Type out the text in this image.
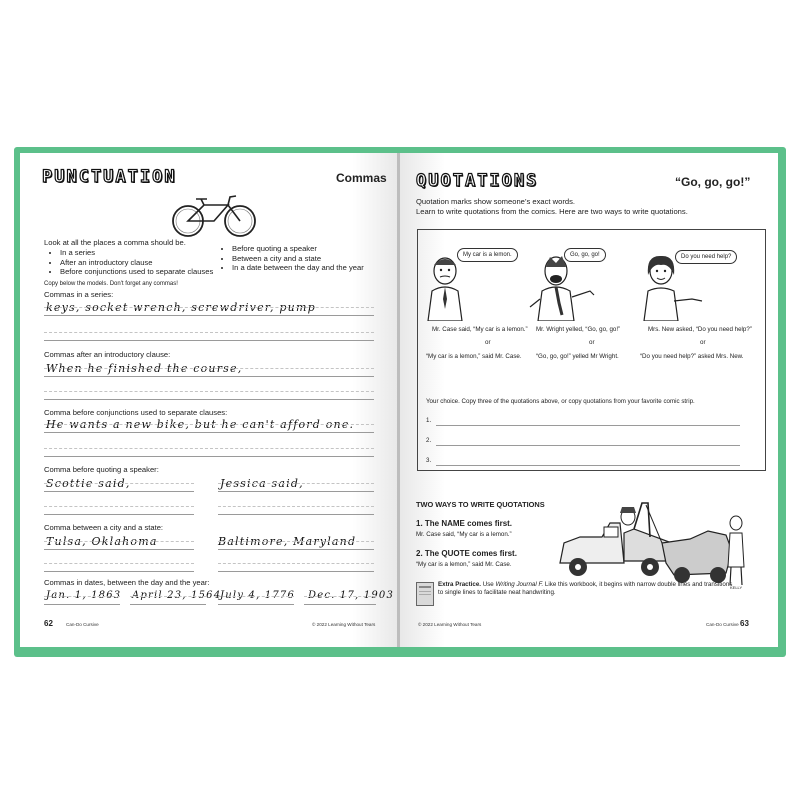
PUNCTUATION	Commas
Look at all the places a comma should be.
• In a series
• After an introductory clause
• Before conjunctions used to separate clauses
• Before quoting a speaker
• Between a city and a state
• In a date between the day and the year
Copy below the models. Don't forget any commas!
Commas in a series:
keys, socket wrench, screwdriver, pump
Commas after an introductory clause:
When he finished the course,
Comma before conjunctions used to separate clauses:
He wants a new bike, but he can't afford one.
Comma before quoting a speaker:
Scottie said,	Jessica said,
Comma between a city and a state:
Tulsa, Oklahoma	Baltimore, Maryland
Commas in dates, between the day and the year:
Jan. 1, 1863 April 23, 1564
July 4, 1776 Dec. 17, 1903
62	Can-Do Cursive	© 2022 Learning Without Tears
QUOTATIONS	“Go, go, go!”
Quotation marks show someone’s exact words.
Learn to write quotations from the comics. Here are two ways to write quotations.
My car is a lemon.	Go, go, go!	Do you need help?
Mr. Case said, “My car is a lemon.”
or
“My car is a lemon,” said Mr. Case.
Mr. Wright yelled, “Go, go, go!”
or
“Go, go, go!” yelled Mr Wright.
Mrs. New asked, “Do you need help?”
or
“Do you need help?” asked Mrs. New.
Your choice. Copy three of the quotations above, or copy quotations from your favorite comic strip.
1.
2.
3.
TWO WAYS TO WRITE QUOTATIONS
1. The NAME comes first.
Mr. Case said, “My car is a lemon.”
2. The QUOTE comes first.
“My car is a lemon,” said Mr. Case.
KELLY
Extra Practice. Use Writing Journal F. Like this workbook, it begins with narrow double lines and transitions to single lines to facilitate neat handwriting.
© 2022 Learning Without Tears	Can-Do Cursive 63
